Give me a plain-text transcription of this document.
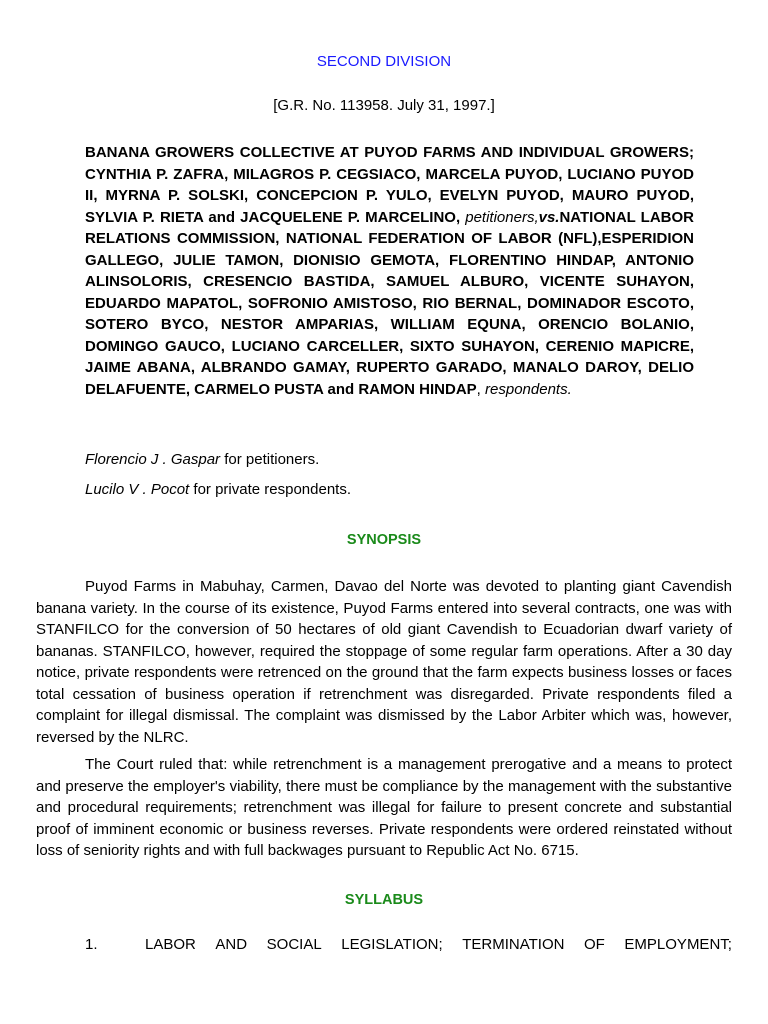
SECOND DIVISION
[G.R. No. 113958. July 31, 1997.]
BANANA GROWERS COLLECTIVE AT PUYOD FARMS AND INDIVIDUAL GROWERS; CYNTHIA P. ZAFRA, MILAGROS P. CEGSIACO, MARCELA PUYOD, LUCIANO PUYOD II, MYRNA P. SOLSKI, CONCEPCION P. YULO, EVELYN PUYOD, MAURO PUYOD, SYLVIA P. RIETA and JACQUELENE P. MARCELINO, petitioners,vs.NATIONAL LABOR RELATIONS COMMISSION, NATIONAL FEDERATION OF LABOR (NFL),ESPERIDION GALLEGO, JULIE TAMON, DIONISIO GEMOTA, FLORENTINO HINDAP, ANTONIO ALINSOLORIS, CRESENCIO BASTIDA, SAMUEL ALBURO, VICENTE SUHAYON, EDUARDO MAPATOL, SOFRONIO AMISTOSO, RIO BERNAL, DOMINADOR ESCOTO, SOTERO BYCO, NESTOR AMPARIAS, WILLIAM EQUNA, ORENCIO BOLANIO, DOMINGO GAUCO, LUCIANO CARCELLER, SIXTO SUHAYON, CERENIO MAPICRE, JAIME ABANA, ALBRANDO GAMAY, RUPERTO GARADO, MANALO DAROY, DELIO DELAFUENTE, CARMELO PUSTA and RAMON HINDAP, respondents.
Florencio J . Gaspar for petitioners.
Lucilo V . Pocot for private respondents.
SYNOPSIS
Puyod Farms in Mabuhay, Carmen, Davao del Norte was devoted to planting giant Cavendish banana variety. In the course of its existence, Puyod Farms entered into several contracts, one was with STANFILCO for the conversion of 50 hectares of old giant Cavendish to Ecuadorian dwarf variety of bananas. STANFILCO, however, required the stoppage of some regular farm operations. After a 30 day notice, private respondents were retrenced on the ground that the farm expects business losses or faces total cessation of business operation if retrenchment was disregarded. Private respondents filed a complaint for illegal dismissal. The complaint was dismissed by the Labor Arbiter which was, however, reversed by the NLRC.
The Court ruled that: while retrenchment is a management prerogative and a means to protect and preserve the employer's viability, there must be compliance by the management with the substantive and procedural requirements; retrenchment was illegal for failure to present concrete and substantial proof of imminent economic or business reverses. Private respondents were ordered reinstated without loss of seniority rights and with full backwages pursuant to Republic Act No. 6715.
SYLLABUS
1.	LABOR AND SOCIAL LEGISLATION; TERMINATION OF EMPLOYMENT;
